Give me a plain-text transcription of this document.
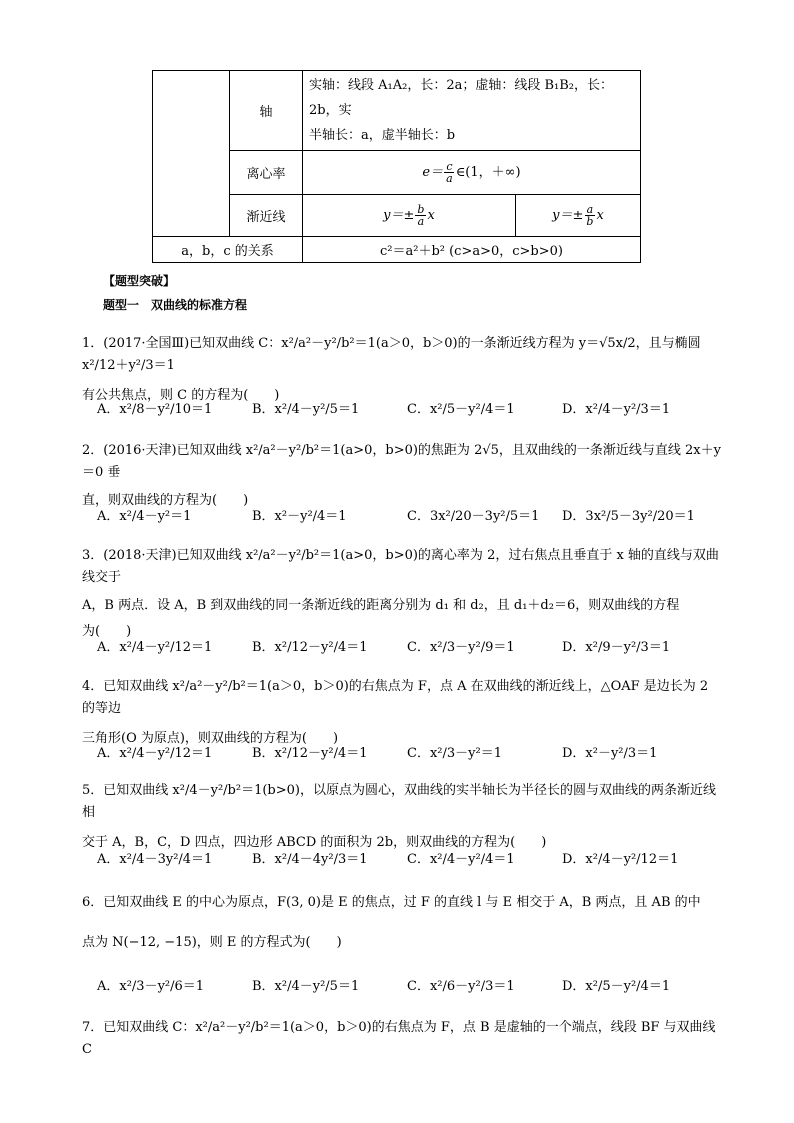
	轴	实轴：线段 A₁A₂，长：2a；虚轴：线段 B₁B₂，长：2b，实
半轴长：a，虚半轴长：b	

	离心率	$e= \frac{c}{a}$ ∈(1，＋∞)	
	渐近线	$y=\pm \frac{b}{a}$ x	$y=\pm \frac{a}{b}$ x
a，b，c 的关系		c²＝a²＋b² (c>a>0，c>b>0)	
【题型突破】
题型一　双曲线的标准方程
1．(2017·全国Ⅲ)已知双曲线 C：x²/a²－y²/b²＝1(a＞0，b＞0)的一条渐近线方程为 y＝√5x/2，且与椭圆 x²/12＋y²/3＝1
有公共焦点，则 C 的方程为(　　)
A．x²/8－y²/10＝1	B．x²/4－y²/5＝1	C．x²/5－y²/4＝1	D．x²/4－y²/3＝1
2．(2016·天津)已知双曲线 x²/a²－y²/b²＝1(a>0，b>0)的焦距为 2√5，且双曲线的一条渐近线与直线 2x＋y＝0 垂
直，则双曲线的方程为(　　)
A．x²/4－y²＝1	B．x²－y²/4＝1	C．3x²/20－3y²/5＝1	D．3x²/5－3y²/20＝1
3．(2018·天津)已知双曲线 x²/a²－y²/b²＝1(a>0，b>0)的离心率为 2，过右焦点且垂直于 x 轴的直线与双曲线交于
A，B 两点．设 A，B 到双曲线的同一条渐近线的距离分别为 d₁ 和 d₂，且 d₁＋d₂＝6，则双曲线的方程
为(　　)
A．x²/4－y²/12＝1	B．x²/12－y²/4＝1	C．x²/3－y²/9＝1	D．x²/9－y²/3＝1
4．已知双曲线 x²/a²－y²/b²＝1(a＞0，b＞0)的右焦点为 F，点 A 在双曲线的渐近线上，△OAF 是边长为 2 的等边
三角形(O 为原点)，则双曲线的方程为(　　)
A．x²/4－y²/12＝1	B．x²/12－y²/4＝1	C．x²/3－y²＝1	D．x²－y²/3＝1
5．已知双曲线 x²/4－y²/b²＝1(b>0)，以原点为圆心，双曲线的实半轴长为半径长的圆与双曲线的两条渐近线相
交于 A，B，C，D 四点，四边形 ABCD 的面积为 2b，则双曲线的方程为(　　)
A．x²/4－3y²/4＝1	B．x²/4－4y²/3＝1	C．x²/4－y²/4＝1	D．x²/4－y²/12＝1
6．已知双曲线 E 的中心为原点，F(3, 0)是 E 的焦点，过 F 的直线 l 与 E 相交于 A，B 两点，且 AB 的中
点为 N(−12, −15)，则 E 的方程式为(　　)
A．x²/3－y²/6＝1	B．x²/4－y²/5＝1	C．x²/6－y²/3＝1	D．x²/5－y²/4＝1
7．已知双曲线 C：x²/a²－y²/b²＝1(a＞0，b＞0)的右焦点为 F，点 B 是虚轴的一个端点，线段 BF 与双曲线 C
